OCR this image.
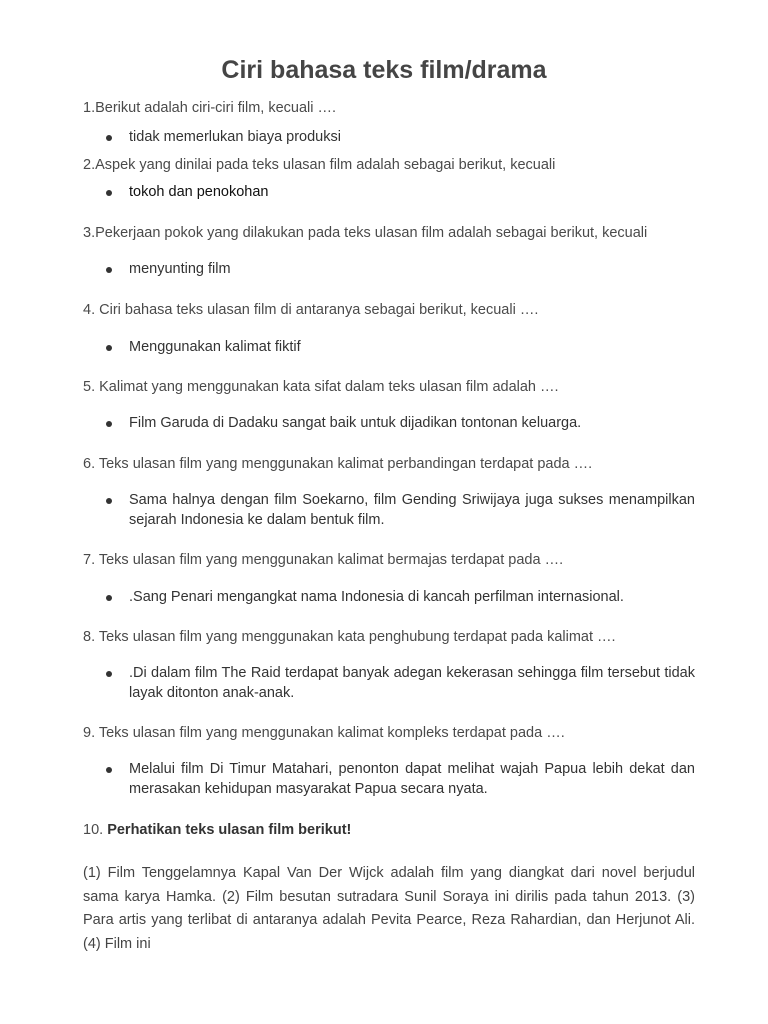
Ciri bahasa teks film/drama
1.Berikut adalah ciri-ciri film, kecuali ….
tidak memerlukan biaya produksi
2.Aspek yang dinilai pada teks ulasan film adalah sebagai berikut, kecuali
tokoh dan penokohan
3.Pekerjaan pokok yang dilakukan pada teks ulasan film adalah sebagai berikut, kecuali
menyunting film
4. Ciri bahasa teks ulasan film di antaranya sebagai berikut, kecuali ….
Menggunakan kalimat fiktif
5. Kalimat yang menggunakan kata sifat dalam teks ulasan film adalah ….
Film Garuda di Dadaku sangat baik untuk dijadikan tontonan keluarga.
6. Teks ulasan film yang menggunakan kalimat perbandingan terdapat pada ….
Sama halnya dengan film Soekarno, film Gending Sriwijaya juga sukses menampilkan sejarah Indonesia ke dalam bentuk film.
7. Teks ulasan film yang menggunakan kalimat bermajas terdapat pada ….
.Sang Penari mengangkat nama Indonesia di kancah perfilman internasional.
8. Teks ulasan film yang menggunakan kata penghubung terdapat pada kalimat ….
.Di dalam film The Raid terdapat banyak adegan kekerasan sehingga film tersebut tidak layak ditonton anak-anak.
9. Teks ulasan film yang menggunakan kalimat kompleks terdapat pada ….
Melalui film Di Timur Matahari, penonton dapat melihat wajah Papua lebih dekat dan merasakan kehidupan masyarakat Papua secara nyata.
10. Perhatikan teks ulasan film berikut!
(1) Film Tenggelamnya Kapal Van Der Wijck adalah film yang diangkat dari novel berjudul sama karya Hamka. (2) Film besutan sutradara Sunil Soraya ini dirilis pada tahun 2013. (3) Para artis yang terlibat di antaranya adalah Pevita Pearce, Reza Rahardian, dan Herjunot Ali. (4) Film ini
